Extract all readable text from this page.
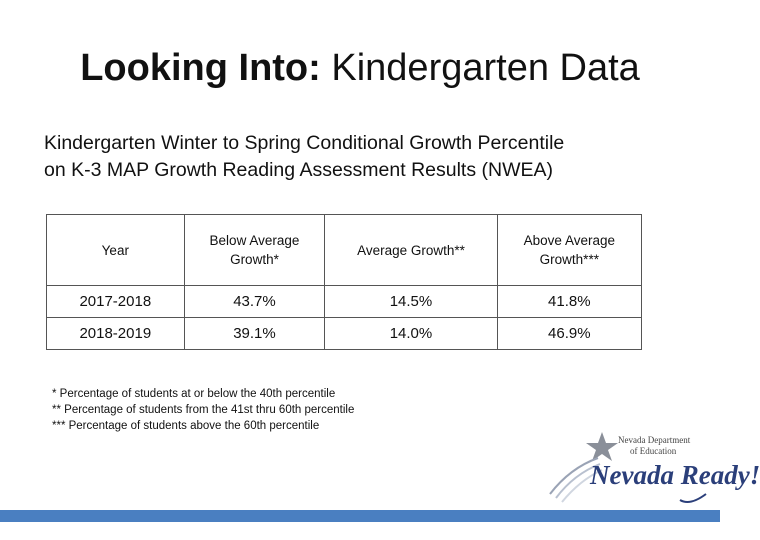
Looking Into: Kindergarten Data
Kindergarten Winter to Spring Conditional Growth Percentile
on K-3 MAP Growth Reading Assessment Results (NWEA)
Year	Below Average Growth*	Average Growth**	Above Average Growth***
2017-2018	43.7%	14.5%	41.8%
2018-2019	39.1%	14.0%	46.9%
* Percentage of students at or below the 40th percentile
** Percentage of students from the 41st thru 60th percentile
*** Percentage of students above the 60th percentile
Nevada Department
of Education
Nevada Ready!
